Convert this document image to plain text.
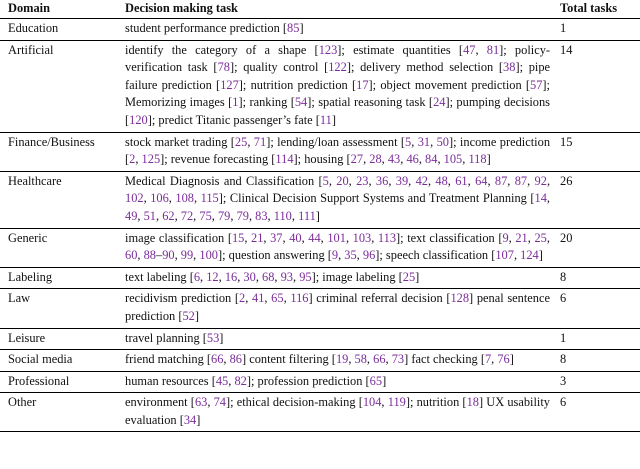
Domain	Decision making task	Total tasks
Education	student performance prediction [85]	1
Artificial	identify the category of a shape [123]; estimate quantities [47, 81]; policy-verification task [78]; quality control [122]; delivery method selection [38]; pipe failure prediction [127]; nutrition prediction [17]; object movement prediction [57]; Memorizing images [1]; ranking [54]; spatial reasoning task [24]; pumping decisions [120]; predict Titanic passenger’s fate [11]	14
Finance/Business	stock market trading [25, 71]; lending/loan assessment [5, 31, 50]; income prediction [2, 125]; revenue forecasting [114]; housing [27, 28, 43, 46, 84, 105, 118]	15
Healthcare	Medical Diagnosis and Classification [5, 20, 23, 36, 39, 42, 48, 61, 64, 87, 87, 92, 102, 106, 108, 115]; Clinical Decision Support Systems and Treatment Planning [14, 49, 51, 62, 72, 75, 79, 79, 83, 110, 111]	26
Generic	image classification [15, 21, 37, 40, 44, 101, 103, 113]; text classification [9, 21, 25, 60, 88–90, 99, 100]; question answering [9, 35, 96]; speech classification [107, 124]	20
Labeling	text labeling [6, 12, 16, 30, 68, 93, 95]; image labeling [25]	8
Law	recidivism prediction [2, 41, 65, 116] criminal referral decision [128] penal sentence prediction [52]	6
Leisure	travel planning [53]	1
Social media	friend matching [66, 86] content filtering [19, 58, 66, 73] fact checking [7, 76]	8
Professional	human resources [45, 82]; profession prediction [65]	3
Other	environment [63, 74]; ethical decision-making [104, 119]; nutrition [18] UX usability evaluation [34]	6
